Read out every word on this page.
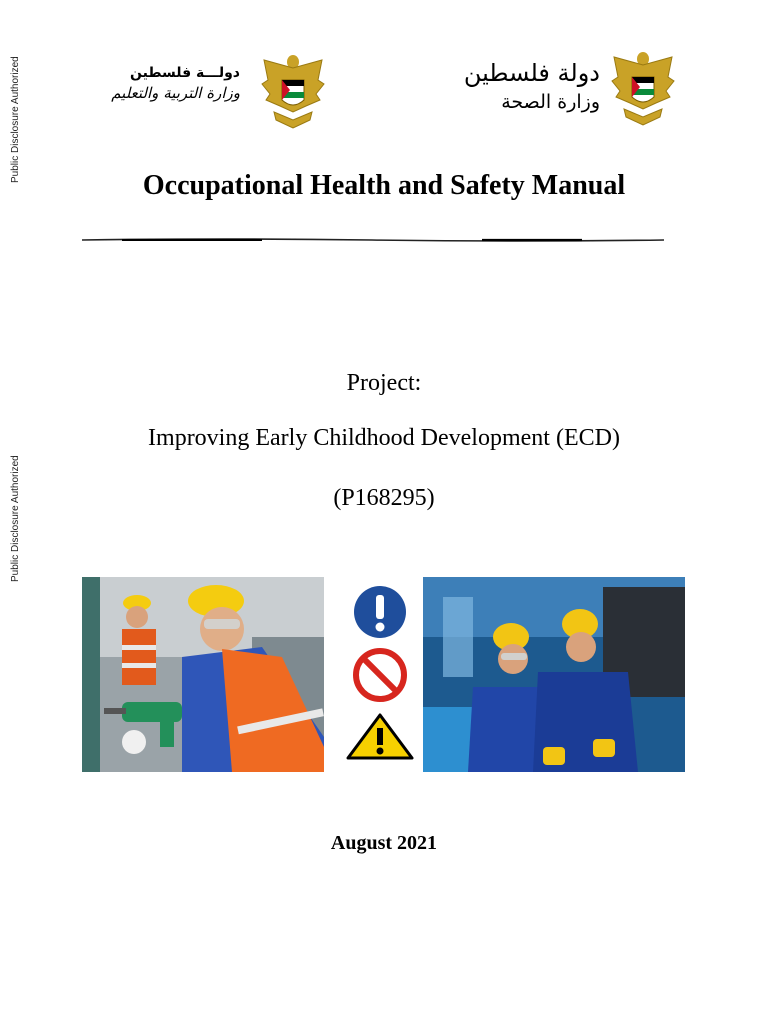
Public Disclosure Authorized
Public Disclosure Authorized
دولـــة فلسطين
وزارة التربية والتعليم
دولة فلسطين
وزارة الصحة
Occupational Health and Safety Manual
Project:
Improving Early Childhood Development (ECD)
(P168295)
August 2021
